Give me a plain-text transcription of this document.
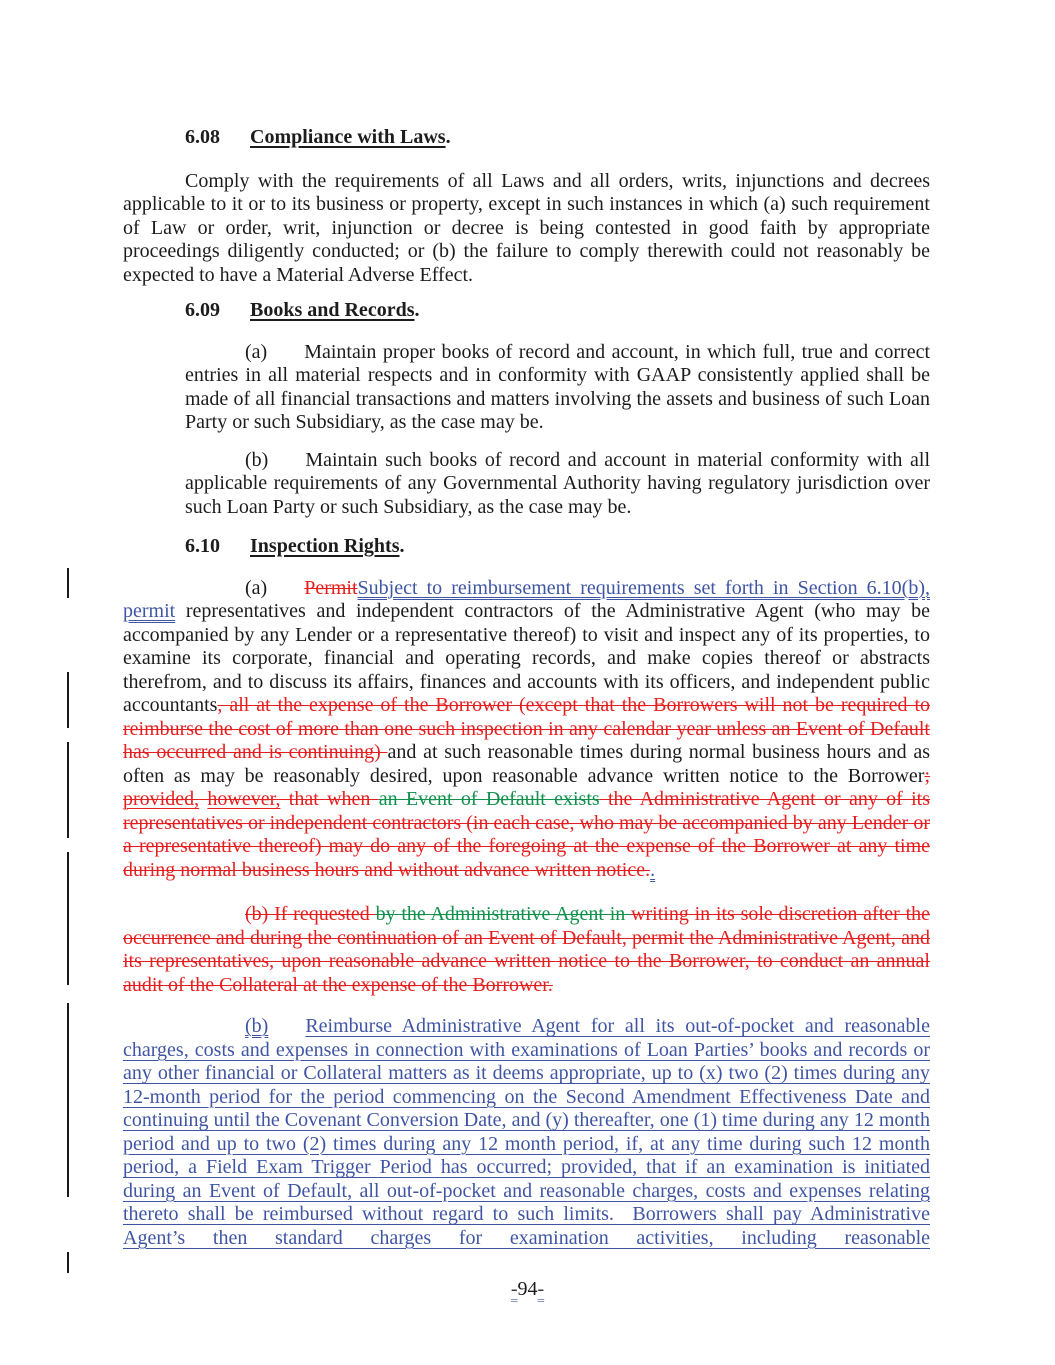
6.08 Compliance with Laws.

Comply with the requirements of all Laws and all orders, writs, injunctions and decrees applicable to it or to its business or property, except in such instances in which (a) such requirement of Law or order, writ, injunction or decree is being contested in good faith by appropriate proceedings diligently conducted; or (b) the failure to comply therewith could not reasonably be expected to have a Material Adverse Effect.

6.09 Books and Records.

(a) Maintain proper books of record and account, in which full, true and correct entries in all material respects and in conformity with GAAP consistently applied shall be made of all financial transactions and matters involving the assets and business of such Loan Party or such Subsidiary, as the case may be.

(b) Maintain such books of record and account in material conformity with all applicable requirements of any Governmental Authority having regulatory jurisdiction over such Loan Party or such Subsidiary, as the case may be.

6.10 Inspection Rights.

(a) PermitSubject to reimbursement requirements set forth in Section 6.10(b), permit representatives and independent contractors of the Administrative Agent (who may be accompanied by any Lender or a representative thereof) to visit and inspect any of its properties, to examine its corporate, financial and operating records, and make copies thereof or abstracts therefrom, and to discuss its affairs, finances and accounts with its officers, and independent public accountants, all at the expense of the Borrower (except that the Borrowers will not be required to reimburse the cost of more than one such inspection in any calendar year unless an Event of Default has occurred and is continuing) and at such reasonable times during normal business hours and as often as may be reasonably desired, upon reasonable advance written notice to the Borrower; provided, however, that when an Event of Default exists the Administrative Agent or any of its representatives or independent contractors (in each case, who may be accompanied by any Lender or a representative thereof) may do any of the foregoing at the expense of the Borrower at any time during normal business hours and without advance written notice..

(b) If requested by the Administrative Agent in writing in its sole discretion after the occurrence and during the continuation of an Event of Default, permit the Administrative Agent, and its representatives, upon reasonable advance written notice to the Borrower, to conduct an annual audit of the Collateral at the expense of the Borrower.

(b) Reimburse Administrative Agent for all its out-of-pocket and reasonable charges, costs and expenses in connection with examinations of Loan Parties’ books and records or any other financial or Collateral matters as it deems appropriate, up to (x) two (2) times during any 12-month period for the period commencing on the Second Amendment Effectiveness Date and continuing until the Covenant Conversion Date, and (y) thereafter, one (1) time during any 12 month period and up to two (2) times during any 12 month period, if, at any time during such 12 month period, a Field Exam Trigger Period has occurred; provided, that if an examination is initiated during an Event of Default, all out-of-pocket and reasonable charges, costs and expenses relating thereto shall be reimbursed without regard to such limits.  Borrowers shall pay Administrative Agent’s then standard charges for examination activities, including reasonable

-94-
